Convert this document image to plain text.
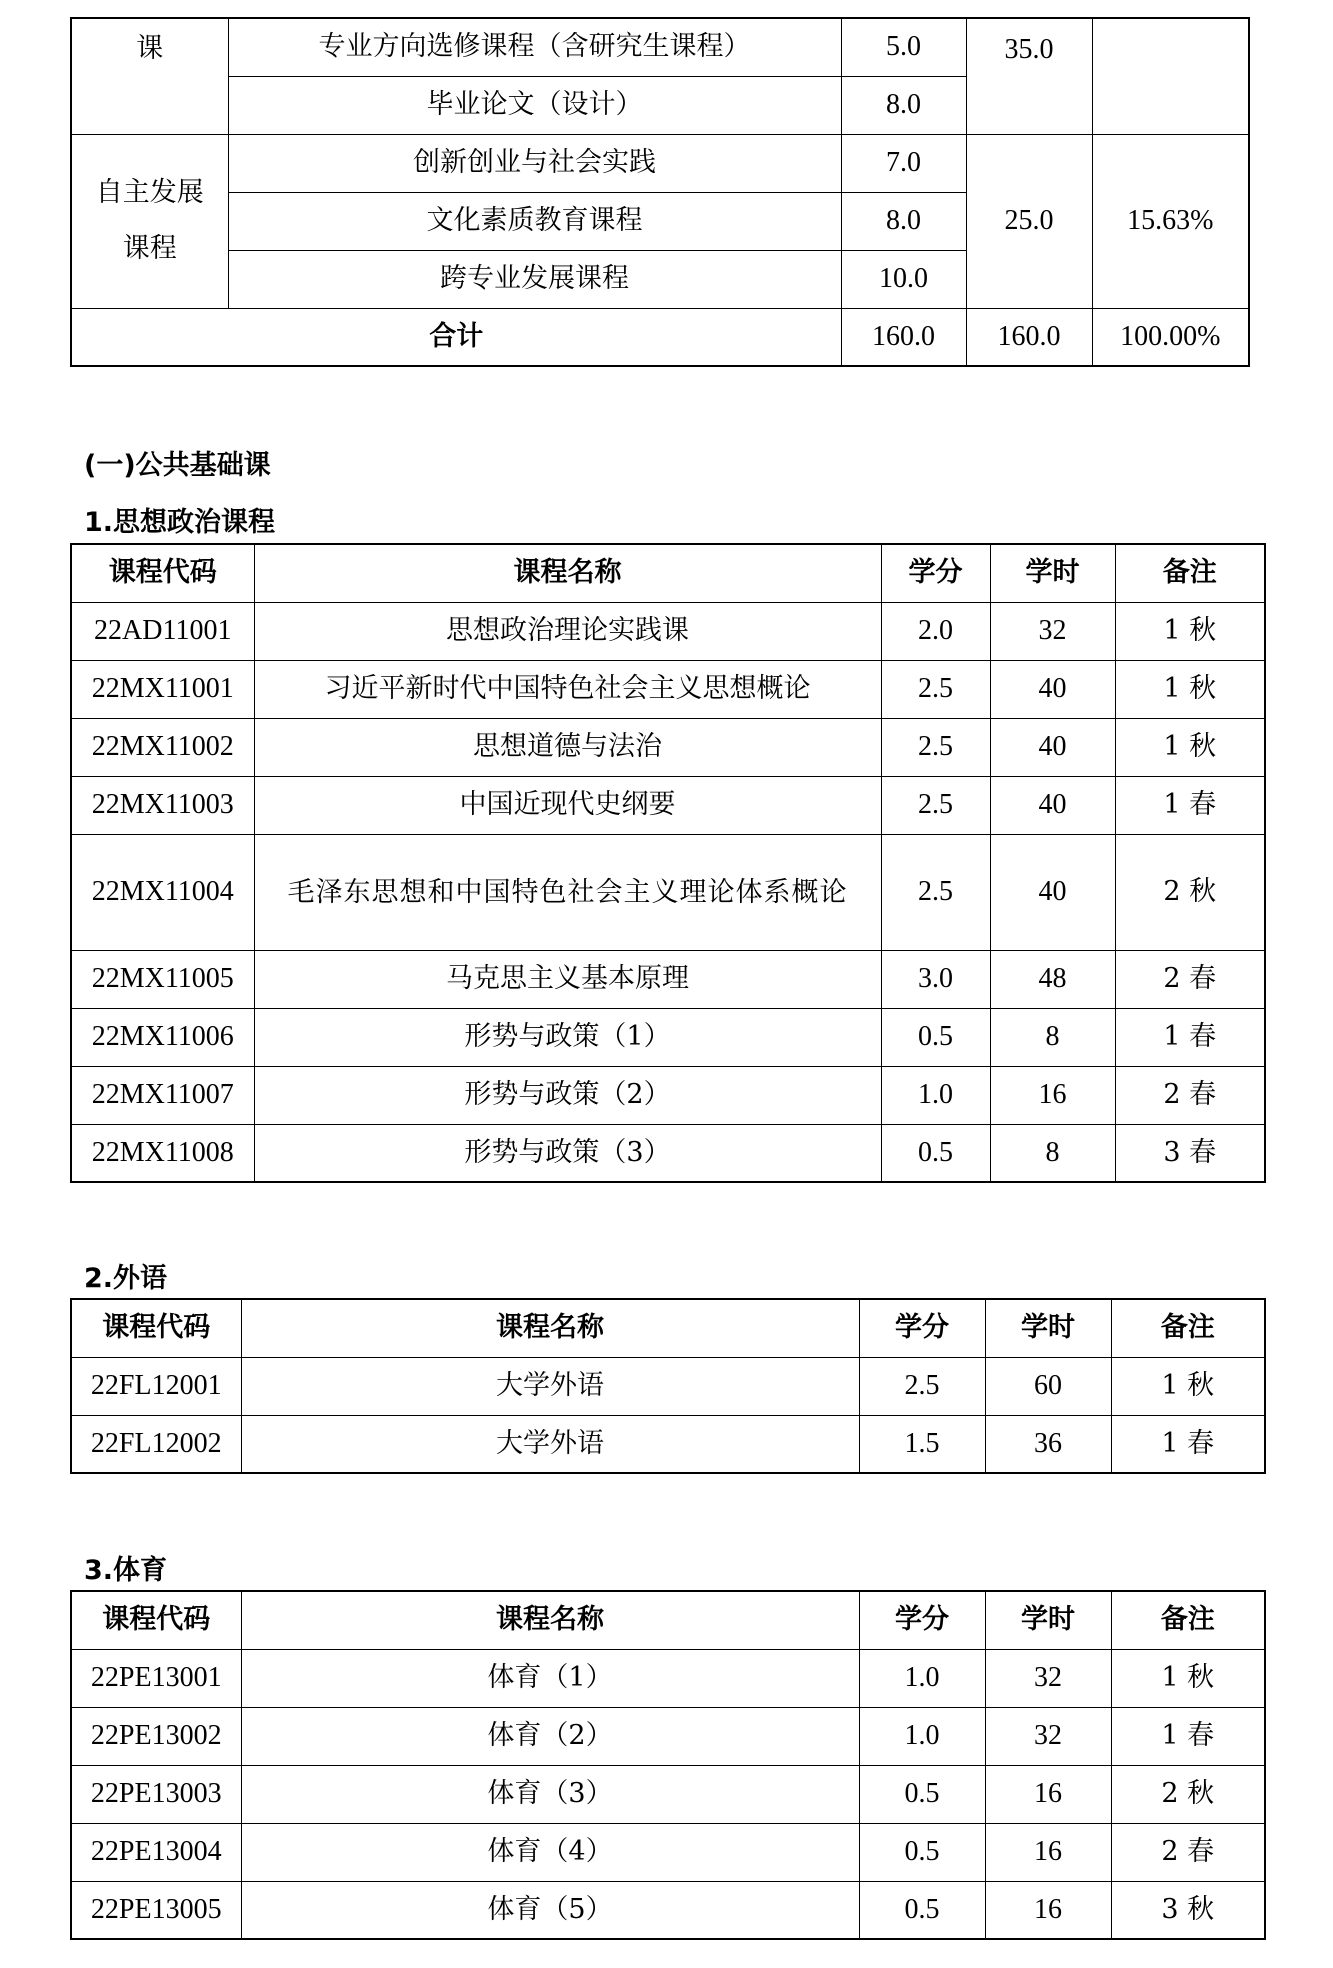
课	专业方向选修课程（含研究生课程）	5.0	35.0	
	毕业论文（设计）	8.0		
自主发展课程	创新创业与社会实践	7.0	25.0	15.63%
	文化素质教育课程	8.0		
	跨专业发展课程	10.0		
合计		160.0	160.0	100.00%
(一)公共基础课
1.思想政治课程
课程代码	课程名称	学分	学时	备注
22AD11001	思想政治理论实践课	2.0	32	1 秋
22MX11001	习近平新时代中国特色社会主义思想概论	2.5	40	1 秋
22MX11002	思想道德与法治	2.5	40	1 秋
22MX11003	中国近现代史纲要	2.5	40	1 春
22MX11004	毛泽东思想和中国特色社会主义理论体系概论	2.5	40	2 秋
22MX11005	马克思主义基本原理	3.0	48	2 春
22MX11006	形势与政策（1）	0.5	8	1 春
22MX11007	形势与政策（2）	1.0	16	2 春
22MX11008	形势与政策（3）	0.5	8	3 春
2.外语
课程代码	课程名称	学分	学时	备注
22FL12001	大学外语	2.5	60	1 秋
22FL12002	大学外语	1.5	36	1 春
3.体育
课程代码	课程名称	学分	学时	备注
22PE13001	体育（1）	1.0	32	1 秋
22PE13002	体育（2）	1.0	32	1 春
22PE13003	体育（3）	0.5	16	2 秋
22PE13004	体育（4）	0.5	16	2 春
22PE13005	体育（5）	0.5	16	3 秋
